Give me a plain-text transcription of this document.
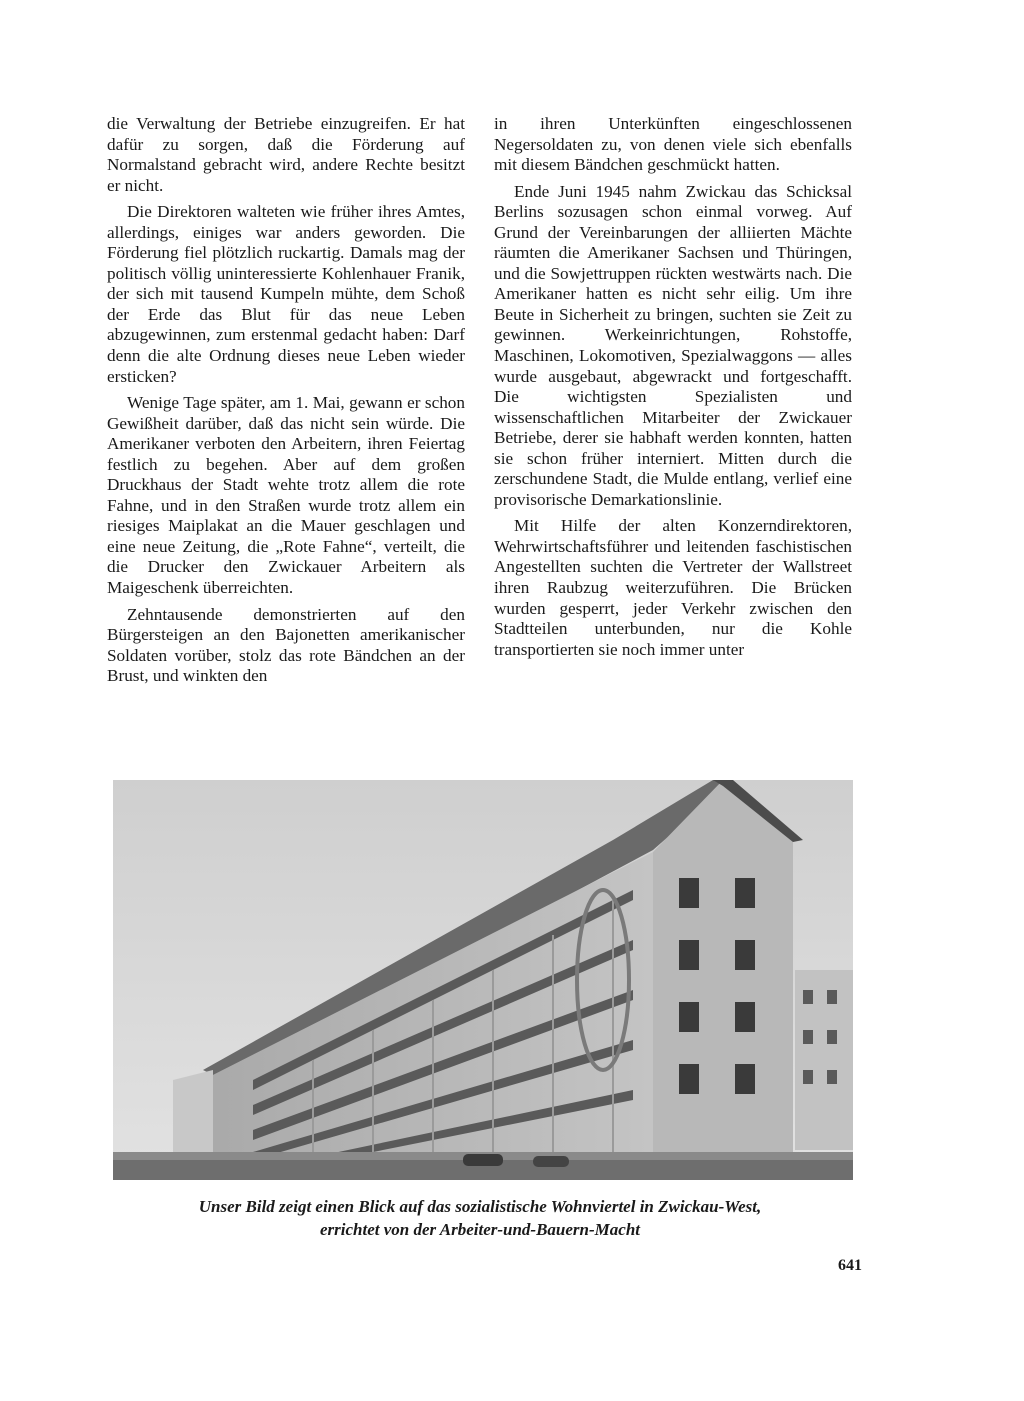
die Verwaltung der Betriebe einzugreifen. Er hat dafür zu sorgen, daß die Förderung auf Normalstand gebracht wird, andere Rechte besitzt er nicht.

Die Direktoren walteten wie früher ihres Amtes, allerdings, einiges war anders geworden. Die Förderung fiel plötzlich ruckartig. Damals mag der politisch völlig uninteressierte Kohlenhauer Franik, der sich mit tausend Kumpeln mühte, dem Schoß der Erde das Blut für das neue Leben abzugewinnen, zum erstenmal gedacht haben: Darf denn die alte Ordnung dieses neue Leben wieder ersticken?

Wenige Tage später, am 1. Mai, gewann er schon Gewißheit darüber, daß das nicht sein würde. Die Amerikaner verboten den Arbeitern, ihren Feiertag festlich zu begehen. Aber auf dem großen Druckhaus der Stadt wehte trotz allem die rote Fahne, und in den Straßen wurde trotz allem ein riesiges Maiplakat an die Mauer geschlagen und eine neue Zeitung, die „Rote Fahne“, verteilt, die die Drucker den Zwickauer Arbeitern als Maigeschenk überreichten.

Zehntausende demonstrierten auf den Bürgersteigen an den Bajonetten amerikanischer Soldaten vorüber, stolz das rote Bändchen an der Brust, und winkten den

in ihren Unterkünften eingeschlossenen Negersoldaten zu, von denen viele sich ebenfalls mit diesem Bändchen geschmückt hatten.

Ende Juni 1945 nahm Zwickau das Schicksal Berlins sozusagen schon einmal vorweg. Auf Grund der Vereinbarungen der alliierten Mächte räumten die Amerikaner Sachsen und Thüringen, und die Sowjettruppen rückten westwärts nach. Die Amerikaner hatten es nicht sehr eilig. Um ihre Beute in Sicherheit zu bringen, suchten sie Zeit zu gewinnen. Werkeinrichtungen, Rohstoffe, Maschinen, Lokomotiven, Spezialwaggons — alles wurde ausgebaut, abgewrackt und fortgeschafft. Die wichtigsten Spezialisten und wissenschaftlichen Mitarbeiter der Zwickauer Betriebe, derer sie habhaft werden konnten, hatten sie schon früher interniert. Mitten durch die zerschundene Stadt, die Mulde entlang, verlief eine provisorische Demarkationslinie.

Mit Hilfe der alten Konzerndirektoren, Wehrwirtschaftsführer und leitenden faschistischen Angestellten suchten die Vertreter der Wallstreet ihren Raubzug weiterzuführen. Die Brücken wurden gesperrt, jeder Verkehr zwischen den Stadtteilen unterbunden, nur die Kohle transportierten sie noch immer unter

Unser Bild zeigt einen Blick auf das sozialistische Wohnviertel in Zwickau-West,
errichtet von der Arbeiter-und-Bauern-Macht
641
